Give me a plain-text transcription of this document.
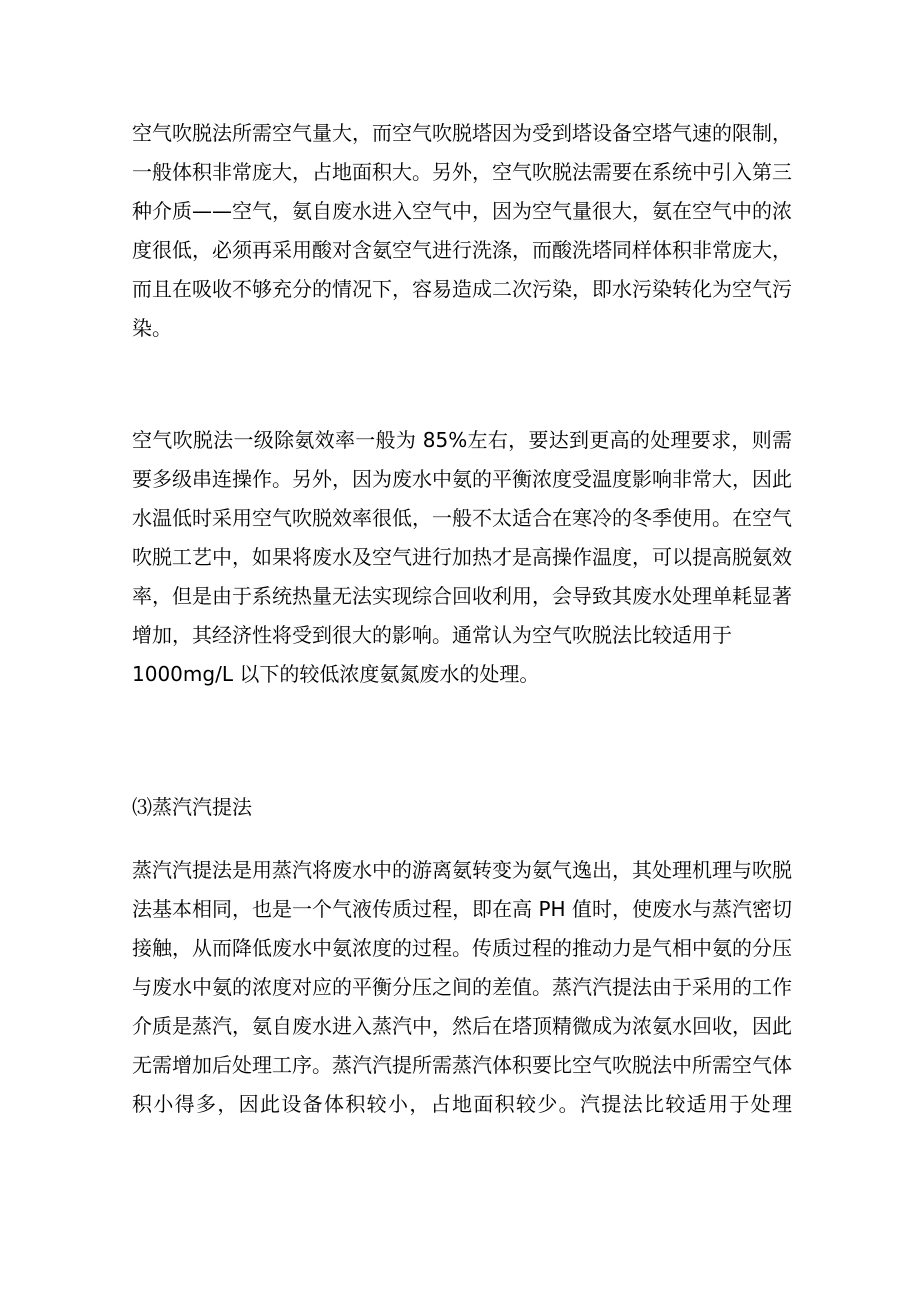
空气吹脱法所需空气量大，而空气吹脱塔因为受到塔设备空塔气速的限制，
一般体积非常庞大，占地面积大。另外，空气吹脱法需要在系统中引入第三
种介质——空气，氨自废水进入空气中，因为空气量很大，氨在空气中的浓
度很低，必须再采用酸对含氨空气进行洗涤，而酸洗塔同样体积非常庞大，
而且在吸收不够充分的情况下，容易造成二次污染，即水污染转化为空气污
染。
空气吹脱法一级除氨效率一般为 85%左右，要达到更高的处理要求，则需
要多级串连操作。另外，因为废水中氨的平衡浓度受温度影响非常大，因此
水温低时采用空气吹脱效率很低，一般不太适合在寒冷的冬季使用。在空气
吹脱工艺中，如果将废水及空气进行加热才是高操作温度，可以提高脱氨效
率，但是由于系统热量无法实现综合回收利用，会导致其废水处理单耗显著
增加，其经济性将受到很大的影响。通常认为空气吹脱法比较适用于
1000mg/L 以下的较低浓度氨氮废水的处理。
⑶蒸汽汽提法
蒸汽汽提法是用蒸汽将废水中的游离氨转变为氨气逸出，其处理机理与吹脱
法基本相同，也是一个气液传质过程，即在高 PH 值时，使废水与蒸汽密切
接触，从而降低废水中氨浓度的过程。传质过程的推动力是气相中氨的分压
与废水中氨的浓度对应的平衡分压之间的差值。蒸汽汽提法由于采用的工作
介质是蒸汽，氨自废水进入蒸汽中，然后在塔顶精微成为浓氨水回收，因此
无需增加后处理工序。蒸汽汽提所需蒸汽体积要比空气吹脱法中所需空气体
积小得多，因此设备体积较小，占地面积较少。汽提法比较适用于处理
